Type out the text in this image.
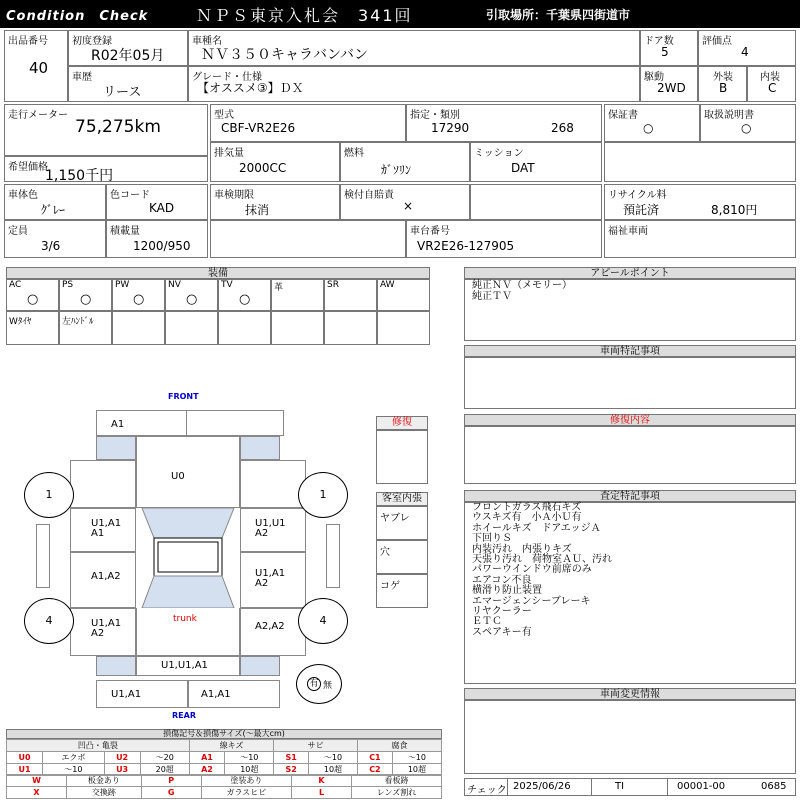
Condition　Check	ＮＰＳ東京入札会　341回	引取場所：千葉県四街道市
出品番号
40
初度登録
R02年05月
車種名
ＮＶ３５０キャラバンバン
ドア数
5
評価点
4
車歴
リース
グレード・仕様
【オススメ③】ＤＸ
駆動
2WD
外装
B
内装
C
走行メーター
75,275km
希望価格
1,150千円
型式
CBF-VR2E26
指定・類別
17290	268
保証書
○
取扱説明書
○
排気量
2000CC
燃料
ｶﾞｿﾘﾝ
ミッション
DAT
車体色
ｸﾞﾚｰ
色コード
KAD
車検期限
抹消
検付自賠責
×
リサイクル料
預託済	8,810円
定員
3/6
積載量
1200/950
車台番号
VR2E26-127905
福祉車両
装備	アピールポイント
純正ＮＶ（メモリー）
純正ＴＶ
車両特記事項
修復内容
査定特記事項
フロントガラス飛石キズ
ウスキズ有　小Ａ小Ｕ有
ホイールキズ　ドアエッジＡ
下回りＳ
内装汚れ　内張りキズ
天張り汚れ　荷物室ＡＵ、汚れ
パワーウインドウ前席のみ
エアコン不良
横滑り防止装置
エマージェンシーブレーキ
リヤクーラー
ＥＴＣ
スペアキー有
車両変更情報
チェック 2025/06/26	TI	00001-00	0685
FRONT
REAR
A1
U0
U1,A1
A1
A1,A2
U1,A1
A2
U1,U1
A2
U1,A1
A2
A2,A2
trunk
U1,U1,A1
U1,A1	A1,A1
1	1
4	4
有 無
修復
客室内張
損傷記号＆損傷サイズ(～最大cm)
凹凸・亀裂				線キズ		サビ		腐食	
U0	エクボ	U2	～20	A1	～10	S1	～10	C1	～10
U1	～10	U3	20超	A2	10超	S2	10超	C2	10超
W	板金あり	P	塗装あり	K	看板跡
X	交換跡	G	ガラスヒビ	L	レンズ割れ
AC
○
PS
○
PW
○
NV
○
TV
○
革	SR	AW
Wﾀｲﾔ	左ﾊﾝﾄﾞﾙ
ヤブレ
穴
コゲ
